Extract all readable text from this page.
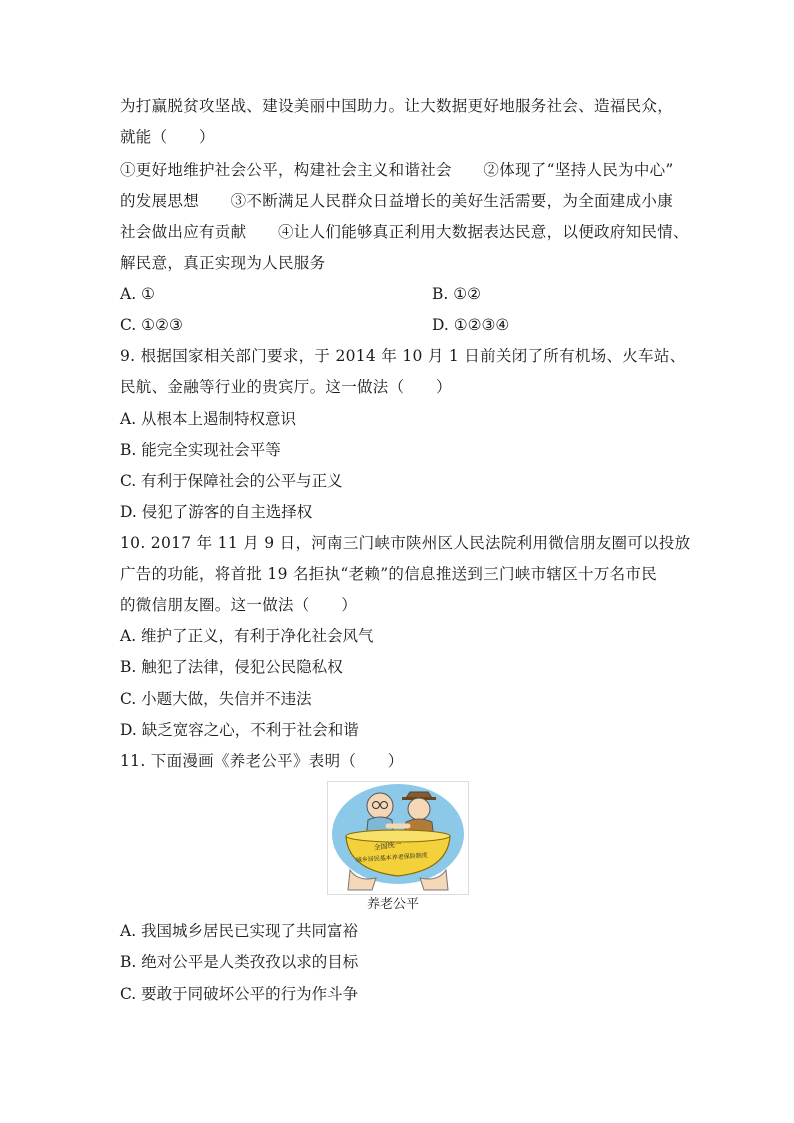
为打赢脱贫攻坚战、建设美丽中国助力。让大数据更好地服务社会、造福民众，
就能（　　）
①更好地维护社会公平，构建社会主义和谐社会　　②体现了“坚持人民为中心”
的发展思想　　③不断满足人民群众日益增长的美好生活需要，为全面建成小康
社会做出应有贡献　　④让人们能够真正利用大数据表达民意，以便政府知民情、
解民意，真正实现为人民服务
A. ①	B. ①②
C. ①②③	D. ①②③④
9. 根据国家相关部门要求，于 2014 年 10 月 1 日前关闭了所有机场、火车站、
民航、金融等行业的贵宾厅。这一做法（　　）
A. 从根本上遏制特权意识
B. 能完全实现社会平等
C. 有利于保障社会的公平与正义
D. 侵犯了游客的自主选择权
10. 2017 年 11 月 9 日，河南三门峡市陕州区人民法院利用微信朋友圈可以投放
广告的功能，将首批 19 名拒执“老赖”的信息推送到三门峡市辖区十万名市民
的微信朋友圈。这一做法（　　）
A. 维护了正义，有利于净化社会风气
B. 触犯了法律，侵犯公民隐私权
C. 小题大做，失信并不违法
D. 缺乏宽容之心，不利于社会和谐
11. 下面漫画《养老公平》表明（　　）
全国统一
城乡居民基本养老保险制度
养老公平
A. 我国城乡居民已实现了共同富裕
B. 绝对公平是人类孜孜以求的目标
C. 要敢于同破坏公平的行为作斗争
